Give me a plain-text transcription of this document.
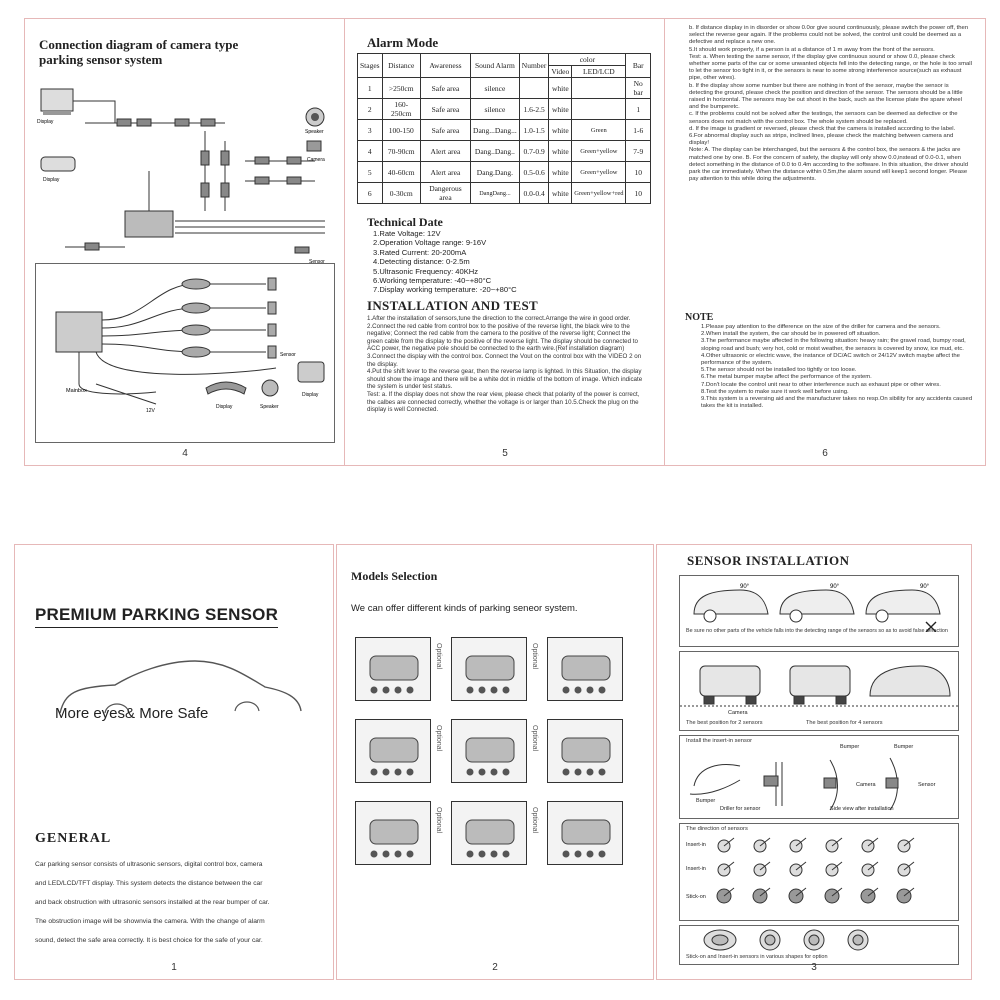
Connection diagram of camera type
parking sensor system
Display
Display
Speaker
Camera
Sensor
Mainbox
Display	Speaker
Display
Sensor
12V
4
Alarm Mode
Stages	Distance	Awareness	Sound Alarm	Number	color		Bar
					Video	LED/LCD	
1	>250cm	Safe area	silence		white		No bar
2	160-250cm	Safe area	silence	1.6-2.5	white		1
3	100-150	Safe area	Dang...Dang...	1.0-1.5	white	Green	1-6
4	70-90cm	Alert area	Dang..Dang..	0.7-0.9	white	Green+yellow	7-9
5	40-60cm	Alert area	Dang.Dang.	0.5-0.6	white	Green+yellow	10
6	0-30cm	Dangerous area	DangDang...	0.0-0.4	white	Green+yellow+red	10
Technical Date
1.Rate Voltage: 12V
2.Operation Voltage range: 9-16V
3.Rated Current: 20-200mA
4.Detecting distance: 0-2.5m
5.Ultrasonic Frequency: 40KHz
6.Working temperature: -40~+80°C
7.Display working temperature: -20~+80°C
INSTALLATION AND TEST
1.After the installation of sensors,tune the direction to the correct.Arrange the wire in good order.
2.Connect the red cable from control box to the positive of the reverse light, the black wire to the negative; Connect the red cable from the camera to the positive of the reverse light; Connect the green cable from the display to the positive of the reverse light. The display should be connected to ACC power, the negative pole should be connected to the earth wire.(Ref installation diagram)
3.Connect the display with the control box. Connect the Vout on the control box with the VIDEO 2 on the display.
4.Put the shift lever to the reverse gear, then the reverse lamp is lighted. In this Situation, the display should show the image and there will be a white dot in middle of the bottom of image. Which indicate the system is under test status.
Test: a. If the display does not show the rear view, please check that polarity of the power is correct, the calbes are connected correctly, whether the voltage is or larger than 10.5.Check the plug on the display is well Connected.
5
b. If distance display in in disorder or show 0.0or give sound continuously, please switch the power off, then select the reverse gear again. If the problems could not be solved, the control unit could be deemed as a defective and replace a new one.
5.It should work properly, if a person is at a distance of 1 m away from the front of the sensors.
Test: a. When testing the same sensor, if the display give continuous sound or show 0.0, please check whether some parts of the car or some unwanted objects fell into the detecting range, or the hole is too small to let the sensor too tight in it, or the sensors is near to some strong interference source(such as exhaust pipe, other wires).
b. If the display show some number but there are nothing in front of the sensor, maybe the sensor is detecting the ground, please check the position and direction of the sensor. The sensors should be a little raised in horizontal. The sensors may be out shoot in the back, such as the license plate the spare wheel and the bumperetc.
c. If the problems could not be solved after the testings, the sensors can be deemed as defective or the sensors does not match with the control box. The whole system should be replaced.
d. If the image is gradient or reversed, please check that the camera is installed according to the label.
6.For abnormal display such as strips, inclined lines, please check the matching between camera and display!
Note: A. The display can be interchanged, but the sensors & the control box, the sensors & the jacks are matched one by one. B. For the concern of safety, the display will only show 0.0,instead of 0.0-0.1, when detect something in the distance of 0.0 to 0.4m according to the software. In this situation, the driver should park the car immediately. When the distance within 0.5m,the alarm sound will keep1 second longer. Please pay attention to this while doing the adjustments.
NOTE
1.Please pay attention to the difference on the size of the driller for camera and the sensors.
2.When install the system, the car should be in powered off situation.
3.The performance maybe affected in the following situation: heavy rain; the gravel road, bumpy road, sloping road and bush; very hot, cold or moist weather, the sensors is covered by snow, ice mud, etc.
4.Other ultrasonic or electric wave, the instance of DC/AC switch or 24/12V switch maybe affect the performance of the system.
5.The sensor should not be installed too tightly or too loose.
6.The metal bumper maybe affect the performance of the system.
7.Don't locate the control unit near to other interference such as exhaust pipe or other wires.
8.Test the system to make sure it work well before using.
9.This system is a reversing aid and the manufacturer takes no resp.On sibility for any accidents caused takes the kit is installed.
6
PREMIUM PARKING SENSOR
More eyes& More Safe
GENERAL
Car parking sensor consists of ultrasonic sensors, digital control box, camera
and LED/LCD/TFT display. This system detects the distance between the car
and back obstruction with ultrasonic sensors installed at the rear bumper of car.
The obstruction image will be shownvia the camera. With the change of alarm
sound, detect the safe area correctly. It is best choice for the safe of your car.
1
Models Selection
We can offer different kinds of parking seneor system.
Optional	Optional
Optional	Optional
Optional	Optional
2
SENSOR INSTALLATION
90°	90°	90°
Be sure no other parts of the vehicle falls into the detecting range of the sensors so as to avoid false detection
Camera
The best position for 2 sensors	The best position for 4 sensors
Install the insert-in sensor
Bumper	Bumper
Sensor
Camera
Bumper
Driller for sensor	Side view after installation
The direction of sensors
Insert-in
Insert-in
Stick-on
Stick-on and Insert-in sensors in various shapes for option
3
